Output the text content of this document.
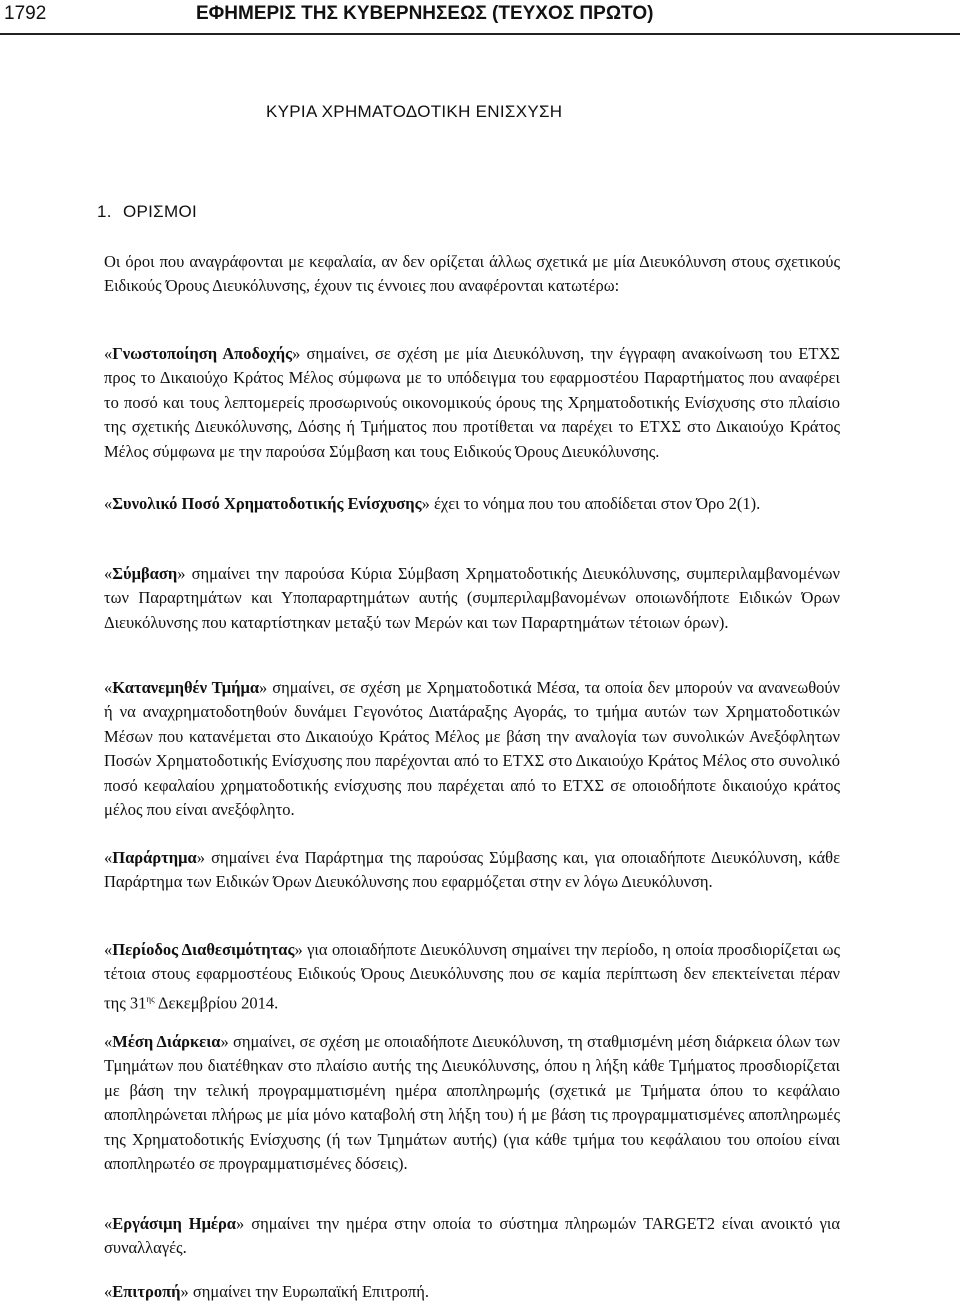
1792	ΕΦΗΜΕΡΙΣ ΤΗΣ ΚΥΒΕΡΝΗΣΕΩΣ (ΤΕΥΧΟΣ ΠΡΩΤΟ)
ΚΥΡΙΑ ΧΡΗΜΑΤΟΔΟΤΙΚΗ ΕΝΙΣΧΥΣΗ
1. ΟΡΙΣΜΟΙ
Οι όροι που αναγράφονται με κεφαλαία, αν δεν ορίζεται άλλως σχετικά με μία Διευκόλυνση στους σχετικούς Ειδικούς Όρους Διευκόλυνσης, έχουν τις έννοιες που αναφέρονται κατωτέρω:
«Γνωστοποίηση Αποδοχής» σημαίνει, σε σχέση με μία Διευκόλυνση, την έγγραφη ανακοίνωση του ΕΤΧΣ προς το Δικαιούχο Κράτος Μέλος σύμφωνα με το υπόδειγμα του εφαρμοστέου Παραρτήματος που αναφέρει το ποσό και τους λεπτομερείς προσωρινούς οικονομικούς όρους της Χρηματοδοτικής Ενίσχυσης στο πλαίσιο της σχετικής Διευκόλυνσης, Δόσης ή Τμήματος που προτίθεται να παρέχει το ΕΤΧΣ στο Δικαιούχο Κράτος Μέλος σύμφωνα με την παρούσα Σύμβαση και τους Ειδικούς Όρους Διευκόλυνσης.
«Συνολικό Ποσό Χρηματοδοτικής Ενίσχυσης» έχει το νόημα που του αποδίδεται στον Όρο 2(1).
«Σύμβαση» σημαίνει την παρούσα Κύρια Σύμβαση Χρηματοδοτικής Διευκόλυνσης, συμπεριλαμβανομένων των Παραρτημάτων και Υποπαραρτημάτων αυτής (συμπεριλαμβανομένων οποιωνδήποτε Ειδικών Όρων Διευκόλυνσης που καταρτίστηκαν μεταξύ των Μερών και των Παραρτημάτων τέτοιων όρων).
«Κατανεμηθέν Τμήμα» σημαίνει, σε σχέση με Χρηματοδοτικά Μέσα, τα οποία δεν μπορούν να ανανεωθούν ή να αναχρηματοδοτηθούν δυνάμει Γεγονότος Διατάραξης Αγοράς, το τμήμα αυτών των Χρηματοδοτικών Μέσων που κατανέμεται στο Δικαιούχο Κράτος Μέλος με βάση την αναλογία των συνολικών Ανεξόφλητων Ποσών Χρηματοδοτικής Ενίσχυσης που παρέχονται από το ΕΤΧΣ στο Δικαιούχο Κράτος Μέλος στο συνολικό ποσό κεφαλαίου χρηματοδοτικής ενίσχυσης που παρέχεται από το ΕΤΧΣ σε οποιοδήποτε δικαιούχο κράτος μέλος που είναι ανεξόφλητο.
«Παράρτημα» σημαίνει ένα Παράρτημα της παρούσας Σύμβασης και, για οποιαδήποτε Διευκόλυνση, κάθε Παράρτημα των Ειδικών Όρων Διευκόλυνσης που εφαρμόζεται στην εν λόγω Διευκόλυνση.
«Περίοδος Διαθεσιμότητας» για οποιαδήποτε Διευκόλυνση σημαίνει την περίοδο, η οποία προσδιορίζεται ως τέτοια στους εφαρμοστέους Ειδικούς Όρους Διευκόλυνσης που σε καμία περίπτωση δεν επεκτείνεται πέραν της $31^{\eta\varsigma}$ Δεκεμβρίου 2014.
«Μέση Διάρκεια» σημαίνει, σε σχέση με οποιαδήποτε Διευκόλυνση, τη σταθμισμένη μέση διάρκεια όλων των Τμημάτων που διατέθηκαν στο πλαίσιο αυτής της Διευκόλυνσης, όπου η λήξη κάθε Τμήματος προσδιορίζεται με βάση την τελική προγραμματισμένη ημέρα αποπληρωμής (σχετικά με Τμήματα όπου το κεφάλαιο αποπληρώνεται πλήρως με μία μόνο καταβολή στη λήξη του) ή με βάση τις προγραμματισμένες αποπληρωμές της Χρηματοδοτικής Ενίσχυσης (ή των Τμημάτων αυτής) (για κάθε τμήμα του κεφάλαιου του οποίου είναι αποπληρωτέο σε προγραμματισμένες δόσεις).
«Εργάσιμη Ημέρα» σημαίνει την ημέρα στην οποία το σύστημα πληρωμών TARGET2 είναι ανοικτό για συναλλαγές.
«Επιτροπή» σημαίνει την Ευρωπαϊκή Επιτροπή.
